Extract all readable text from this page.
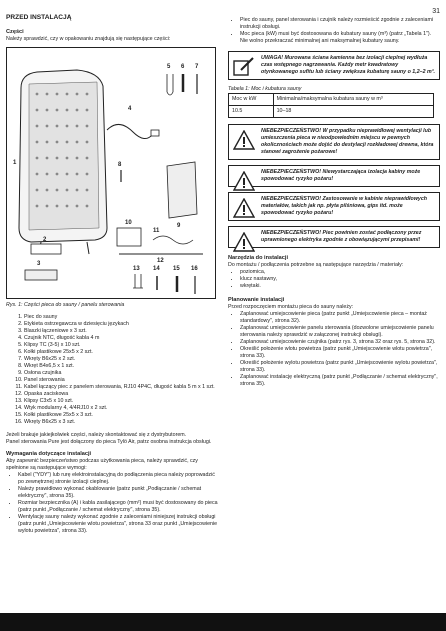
31
PRZED INSTALACJĄ
Części

Należy sprawdzić, czy w opakowaniu znajdują się następujące części:

1
2
3
4
5 6 7
8
9
10
11
12
13 14 15 16

Rys. 1: Części pieca do sauny / panelu sterowania

1. Piec do sauny
2. Etykieta ostrzegawcza w dziesięciu językach
3. Blaszki łączeniowe x 3 szt.
4. Czujnik NTC, długość kabla 4 m
5. Klipsy TC (3-5) x 10 szt.
6. Kołki plastikowe 25x5 x 2 szt.
7. Wkręty B6x25 x 2 szt.
8. Wkręt B4x6,5 x 1 szt.
9. Osłona czujnika
10. Panel sterowania
11. Kabel łączący piec z panelem sterowania, RJ10 4P4C, długość kabla 5 m x 1 szt.
12. Opaska zaciskowa
13. Klipsy C3x5 x 10 szt.
14. Wtyk modularny 4, 4/4RJ10 x 2 szt.
15. Kołki plastikowe 25x5 x 3 szt.
16. Wkręty B6x25 x 3 szt.

Jeżeli brakuje jakiejkolwiek części, należy skontaktować się z dystrybutorem.

Panel sterowania Pure jest dołączony do pieca Tylö Air, patrz osobna instrukcja obsługi.

Wymagania dotyczące instalacji

Aby zapewnić bezpieczeństwo podczas użytkowania pieca, należy sprawdzić, czy spełnione są następujące wymogi:

• Kabel ("YDY") lub rurę elektroinstalacyjną do podłączenia pieca należy poprowadzić po zewnętrznej stronie izolacji cieplnej.
• Należy prawidłowo wykonać okablowanie (patrz punkt „Podłączanie / schemat elektryczny", strona 35).
• Rozmiar bezpiecznika (A) i kabla zasilającego (mm²) musi być dostosowany do pieca (patrz punkt „Podłączanie / schemat elektryczny", strona 35).
• Wentylację sauny należy wykonać zgodnie z zaleceniami niniejszej instrukcji obsługi (patrz punkt „Umiejscowienie wlotu powietrza", strona 33 oraz punkt „Umiejscowienie wylotu powietrza", strona 33).
• Piec do sauny, panel sterowania i czujnik należy rozmieścić zgodnie z zaleceniami instrukcji obsługi.
• Moc pieca (kW) musi być dostosowana do kubatury sauny (m³) (patrz „Tabela 1"). Nie wolno przekraczać minimalnej ani maksymalnej kubatury sauny.
UWAGA! Murowana ściana kamienna bez izolacji cieplnej wydłuża czas wstępnego nagrzewania. Każdy metr kwadratowy otynkowanego sufitu lub ściany zwiększa kubaturę sauny o 1,2–2 m³.

Tabela 1: Moc i kubatura sauny

Moc w kW	Minimalna/maksymalna kubatura sauny w m³
10.5	10–18
NIEBEZPIECZEŃSTWO! W przypadku nieprawidłowej wentylacji lub umieszczenia pieca w nieodpowiednim miejscu w pewnych okolicznościach może dojść do destylacji rozkładowej drewna, która stanowi zagrożenie pożarowe!
NIEBEZPIECZEŃSTWO! Niewystarczająca izolacja kabiny może spowodować ryzyko pożaru!
NIEBEZPIECZEŃSTWO! Zastosowanie w kabinie nieprawidłowych materiałów, takich jak np. płyta pilśniowa, gips itd. może spowodować ryzyko pożaru!
NIEBEZPIECZEŃSTWO! Piec powinien zostać podłączony przez uprawnionego elektryka zgodnie z obowiązującymi przepisami!
Narzędzia do instalacji

Do montażu / podłączenia potrzebne są następujące narzędzia / materiały:

• poziomica,
• klucz nastawny,
• wkrętaki.
Planowanie instalacji

Przed rozpoczęciem montażu pieca do sauny należy:

• Zaplanować umiejscowienie pieca (patrz punkt „Umiejscowienie pieca – montaż standardowy", strona 32).
• Zaplanować umiejscowienie panelu sterowania (dozwolone umiejscowienie panelu sterowania należy sprawdzić w załączonej instrukcji obsługi).
• Zaplanować umiejscowienie czujnika (patrz rys. 3, strona 32 oraz rys. 5, strona 32).
• Określić położenie wlotu powietrza (patrz punkt „Umiejscowienie wlotu powietrza", strona 33).
• Określić położenie wylotu powietrza (patrz punkt „Umiejscowienie wylotu powietrza", strona 33).
• Zaplanować instalację elektryczną (patrz punkt „Podłączanie / schemat elektryczny", strona 35).
